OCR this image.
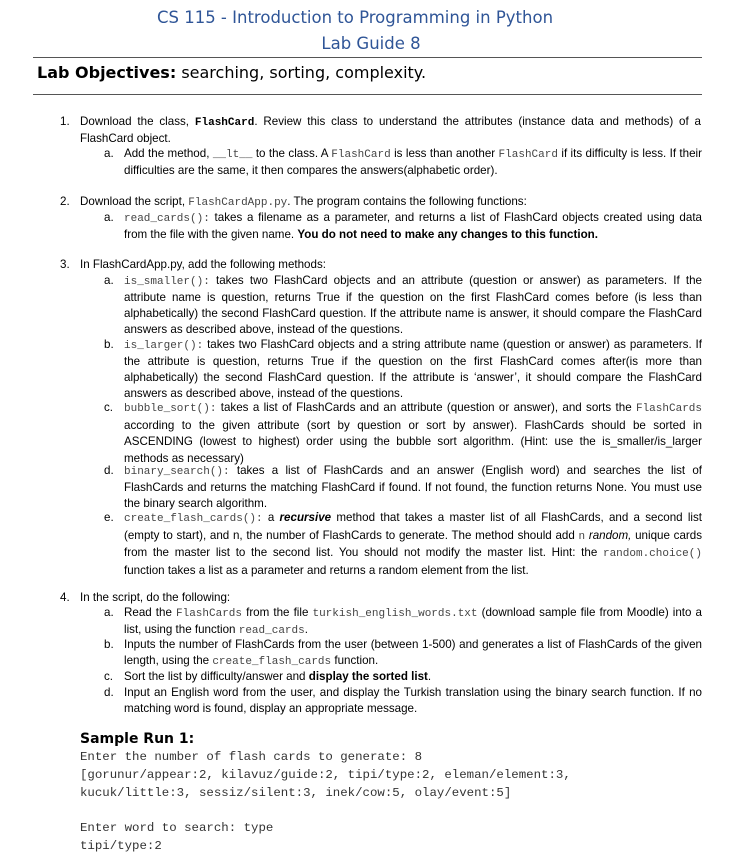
CS 115 - Introduction to Programming in Python
Lab Guide 8
Lab Objectives: searching, sorting, complexity.
1. Download the class, FlashCard. Review this class to understand the attributes (instance data and methods) of a FlashCard object.
a. Add the method, __lt__ to the class. A FlashCard is less than another FlashCard if its difficulty is less. If their difficulties are the same, it then compares the answers(alphabetic order).
2. Download the script, FlashCardApp.py. The program contains the following functions:
a. read_cards(): takes a filename as a parameter, and returns a list of FlashCard objects created using data from the file with the given name. You do not need to make any changes to this function.
3. In FlashCardApp.py, add the following methods:
a. is_smaller(): takes two FlashCard objects and an attribute (question or answer) as parameters. If the attribute name is question, returns True if the question on the first FlashCard comes before (is less than alphabetically) the second FlashCard question. If the attribute name is answer, it should compare the FlashCard answers as described above, instead of the questions.
b. is_larger(): takes two FlashCard objects and a string attribute name (question or answer) as parameters. If the attribute is question, returns True if the question on the first FlashCard comes after(is more than alphabetically) the second FlashCard question. If the attribute is ‘answer’, it should compare the FlashCard answers as described above, instead of the questions.
c. bubble_sort(): takes a list of FlashCards and an attribute (question or answer), and sorts the FlashCards according to the given attribute (sort by question or sort by answer). FlashCards should be sorted in ASCENDING (lowest to highest) order using the bubble sort algorithm. (Hint: use the is_smaller/is_larger methods as necessary)
d. binary_search(): takes a list of FlashCards and an answer (English word) and searches the list of FlashCards and returns the matching FlashCard if found. If not found, the function returns None. You must use the binary search algorithm.
e. create_flash_cards(): a recursive method that takes a master list of all FlashCards, and a second list (empty to start), and n, the number of FlashCards to generate. The method should add n random, unique cards from the master list to the second list. You should not modify the master list. Hint: the random.choice() function takes a list as a parameter and returns a random element from the list.
4. In the script, do the following:
a. Read the FlashCards from the file turkish_english_words.txt (download sample file from Moodle) into a list, using the function read_cards.
b. Inputs the number of FlashCards from the user (between 1-500) and generates a list of FlashCards of the given length, using the create_flash_cards function.
c. Sort the list by difficulty/answer and display the sorted list.
d. Input an English word from the user, and display the Turkish translation using the binary search function. If no matching word is found, display an appropriate message.
Sample Run 1:
Enter the number of flash cards to generate: 8
[gorunur/appear:2, kilavuz/guide:2, tipi/type:2, eleman/element:3,
kucuk/little:3, sessiz/silent:3, inek/cow:5, olay/event:5]
Enter word to search: type
tipi/type:2
